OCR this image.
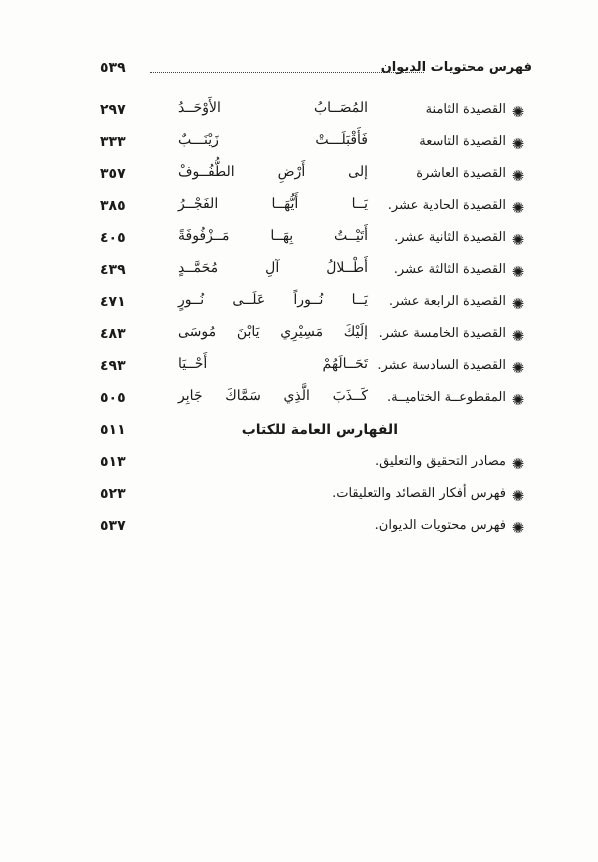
فهرس محتويات الديوان
٥٣٩
✺
القصيدة الثامنة
المُصَــابُ الأَوْحَــدُ
٢٩٧
✺
القصيدة التاسعة
فَأَقْبَلَـــتْ زَيْنَـــبٌ
٣٣٣
✺
القصيدة العاشرة
إلى أَرْضِ الطُّفُــوفْ
٣٥٧
✺
القصيدة الحادية عشر.
يَــا أَيُّهَــا الفَجْــرُ
٣٨٥
✺
القصيدة الثانية عشر.
أَتَيْــتُ بِهَــا مَــزْفُوفَةً
٤٠٥
✺
القصيدة الثالثة عشر.
أَطْــلالُ آلِ مُحَمَّــدٍ
٤٣٩
✺
القصيدة الرابعة عشر.
يَــا نُــوراً عَلَــى نُــورٍ
٤٧١
✺
القصيدة الخامسة عشر.
إلَيْكَ مَسِيْرِي يَابْنَ مُوسَى
٤٨٣
✺
القصيدة السادسة عشر.
تَحَــالَهُمْ أَحْــيَا
٤٩٣
✺
المقطوعــة الختاميــة.
كَــذَبَ الَّذِي سَمَّاكَ جَابِر
٥٠٥
الفهارس العامة للكتاب
٥١١
✺
مصادر التحقيق والتعليق.
٥١٣
✺
فهرس أفكار القصائد والتعليقات.
٥٢٣
✺
فهرس محتويات الديوان.
٥٣٧
